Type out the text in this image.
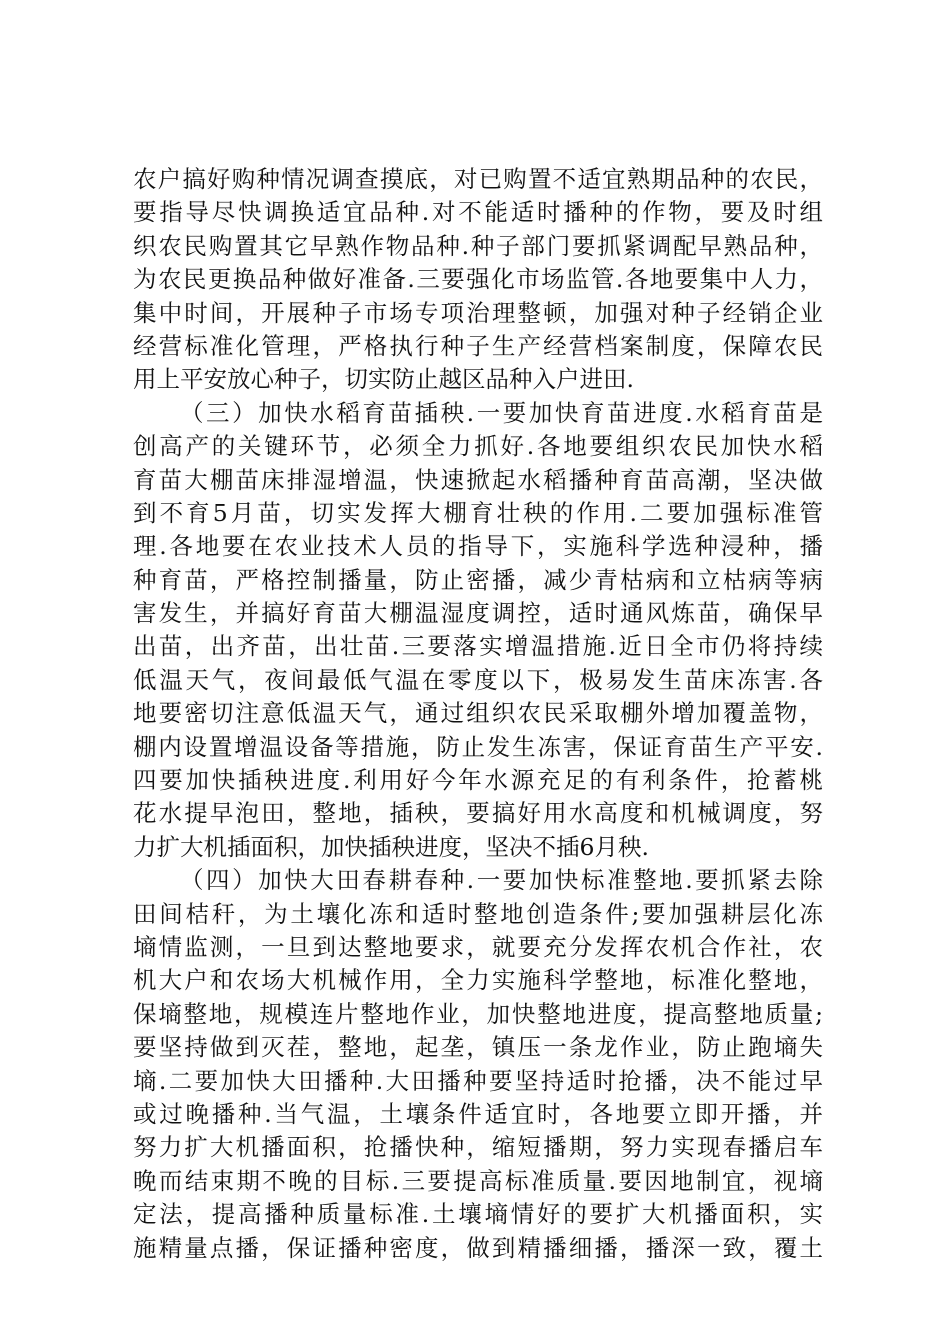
农户搞好购种情况调查摸底，对已购置不适宜熟期品种的农民，
要指导尽快调换适宜品种.对不能适时播种的作物，要及时组
织农民购置其它早熟作物品种.种子部门要抓紧调配早熟品种，
为农民更换品种做好准备.三要强化市场监管.各地要集中人力，
集中时间，开展种子市场专项治理整顿，加强对种子经销企业
经营标准化管理，严格执行种子生产经营档案制度，保障农民
用上平安放心种子，切实防止越区品种入户进田.
（三）加快水稻育苗插秧.一要加快育苗进度.水稻育苗是
创高产的关键环节，必须全力抓好.各地要组织农民加快水稻
育苗大棚苗床排湿增温，快速掀起水稻播种育苗高潮，坚决做
到不育5月苗，切实发挥大棚育壮秧的作用.二要加强标准管
理.各地要在农业技术人员的指导下，实施科学选种浸种，播
种育苗，严格控制播量，防止密播，减少青枯病和立枯病等病
害发生，并搞好育苗大棚温湿度调控，适时通风炼苗，确保早
出苗，出齐苗，出壮苗.三要落实增温措施.近日全市仍将持续
低温天气，夜间最低气温在零度以下，极易发生苗床冻害.各
地要密切注意低温天气，通过组织农民采取棚外增加覆盖物，
棚内设置增温设备等措施，防止发生冻害，保证育苗生产平安.
四要加快插秧进度.利用好今年水源充足的有利条件，抢蓄桃
花水提早泡田，整地，插秧，要搞好用水高度和机械调度，努
力扩大机插面积，加快插秧进度，坚决不插6月秧.
（四）加快大田春耕春种.一要加快标准整地.要抓紧去除
田间桔秆，为土壤化冻和适时整地创造条件;要加强耕层化冻
墒情监测，一旦到达整地要求，就要充分发挥农机合作社，农
机大户和农场大机械作用，全力实施科学整地，标准化整地，
保墒整地，规模连片整地作业，加快整地进度，提高整地质量;
要坚持做到灭茬，整地，起垄，镇压一条龙作业，防止跑墒失
墒.二要加快大田播种.大田播种要坚持适时抢播，决不能过早
或过晚播种.当气温，土壤条件适宜时，各地要立即开播，并
努力扩大机播面积，抢播快种，缩短播期，努力实现春播启车
晚而结束期不晚的目标.三要提高标准质量.要因地制宜，视墒
定法，提高播种质量标准.土壤墒情好的要扩大机播面积，实
施精量点播，保证播种密度，做到精播细播，播深一致，覆土
